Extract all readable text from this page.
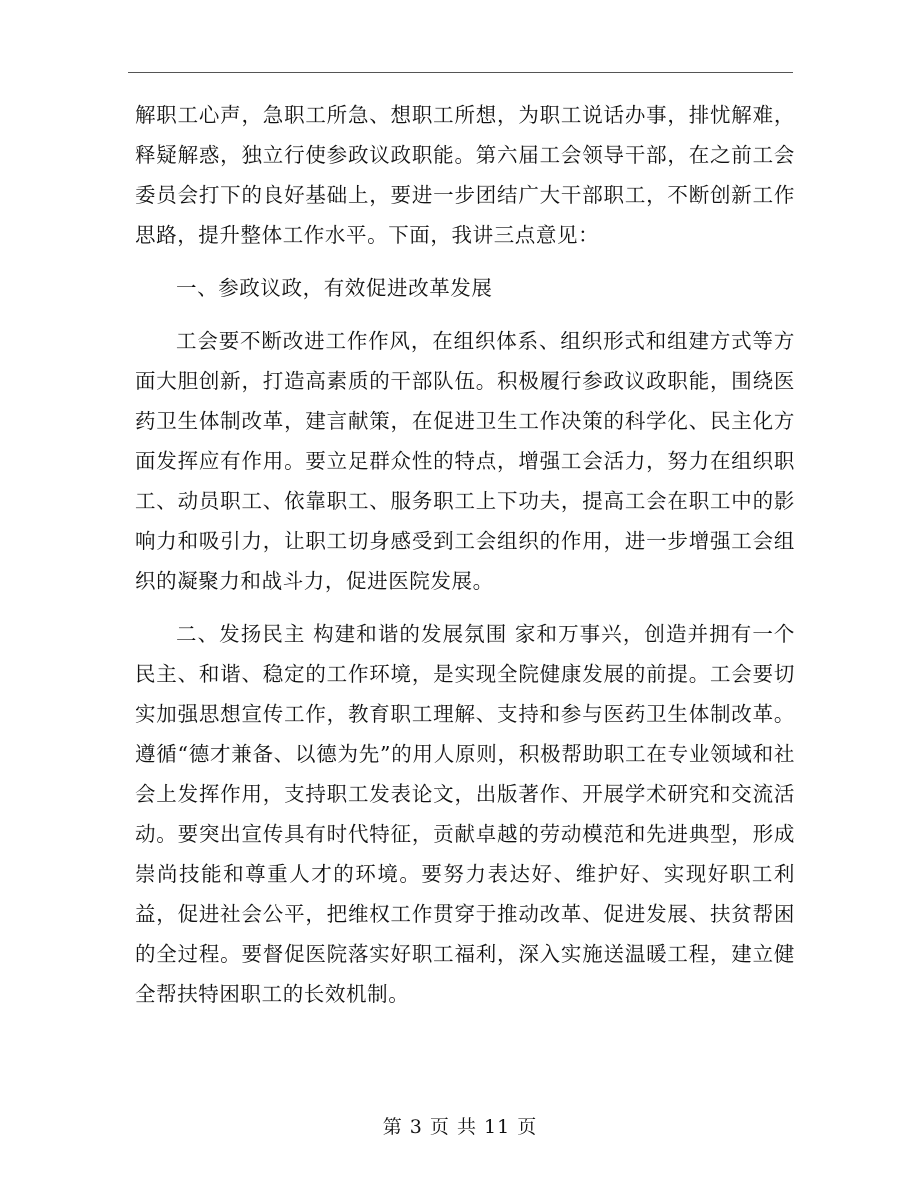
解职工心声，急职工所急、想职工所想，为职工说话办事，排忧解难，释疑解惑，独立行使参政议政职能。第六届工会领导干部，在之前工会委员会打下的良好基础上，要进一步团结广大干部职工，不断创新工作思路，提升整体工作水平。下面，我讲三点意见：

一、参政议政，有效促进改革发展

工会要不断改进工作作风，在组织体系、组织形式和组建方式等方面大胆创新，打造高素质的干部队伍。积极履行参政议政职能，围绕医药卫生体制改革，建言献策，在促进卫生工作决策的科学化、民主化方面发挥应有作用。要立足群众性的特点，增强工会活力，努力在组织职工、动员职工、依靠职工、服务职工上下功夫，提高工会在职工中的影响力和吸引力，让职工切身感受到工会组织的作用，进一步增强工会组织的凝聚力和战斗力，促进医院发展。

二、发扬民主 构建和谐的发展氛围 家和万事兴，创造并拥有一个民主、和谐、稳定的工作环境，是实现全院健康发展的前提。工会要切实加强思想宣传工作，教育职工理解、支持和参与医药卫生体制改革。遵循“德才兼备、以德为先”的用人原则，积极帮助职工在专业领域和社会上发挥作用，支持职工发表论文，出版著作、开展学术研究和交流活动。要突出宣传具有时代特征，贡献卓越的劳动模范和先进典型，形成崇尚技能和尊重人才的环境。要努力表达好、维护好、实现好职工利益，促进社会公平，把维权工作贯穿于推动改革、促进发展、扶贫帮困的全过程。要督促医院落实好职工福利，深入实施送温暖工程，建立健全帮扶特困职工的长效机制。

第 3 页 共 11 页
